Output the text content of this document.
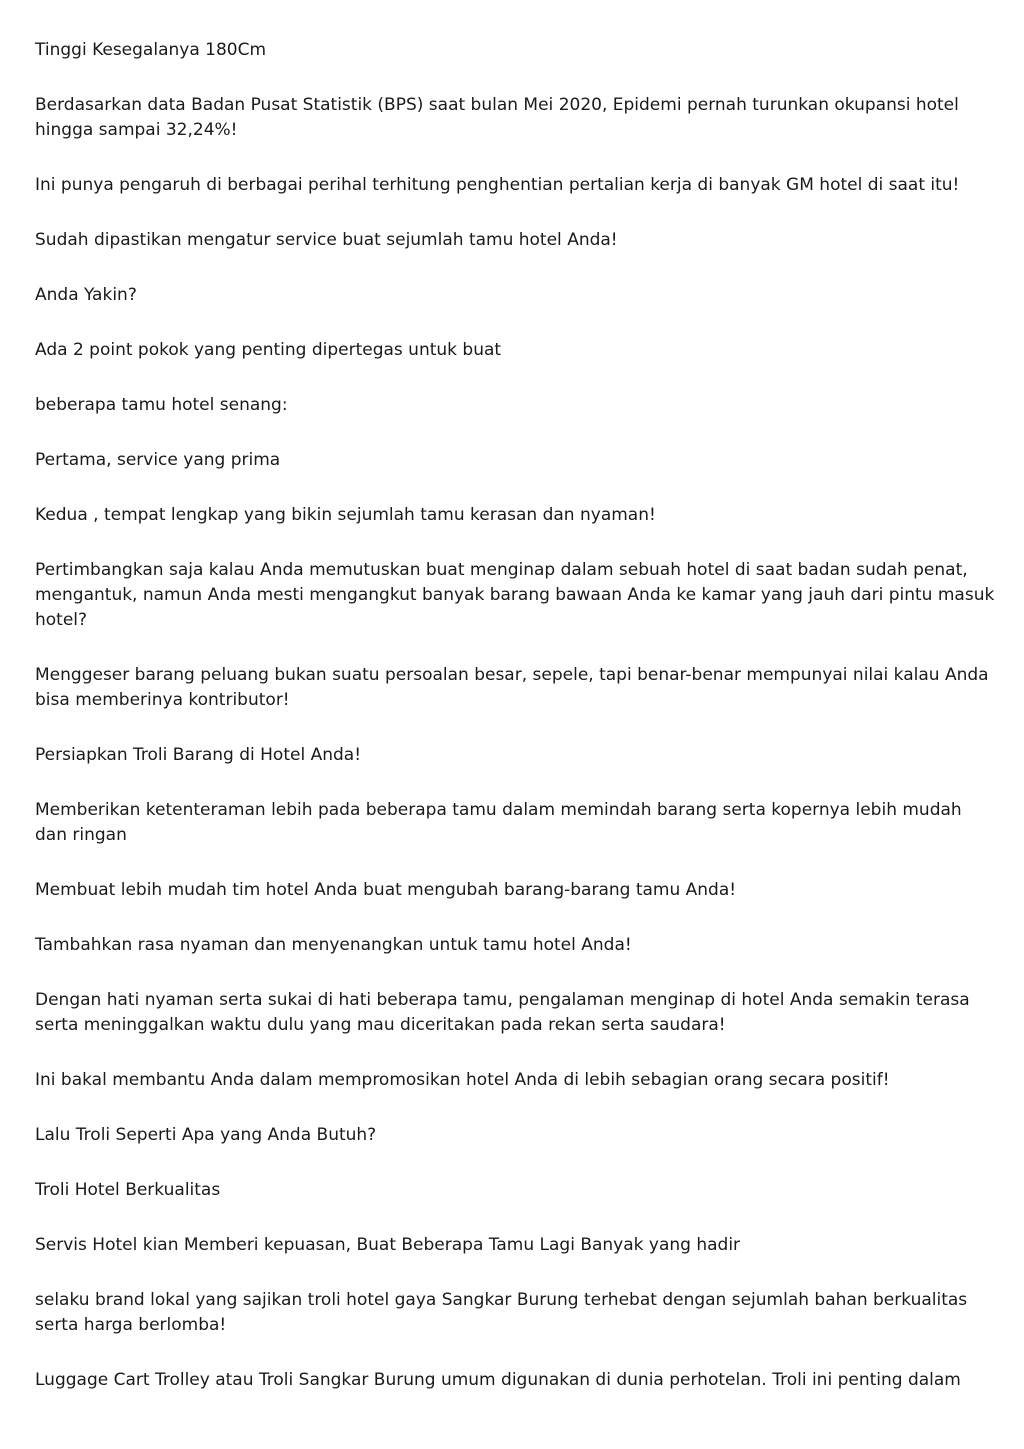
Tinggi Kesegalanya 180Cm

Berdasarkan data Badan Pusat Statistik (BPS) saat bulan Mei 2020, Epidemi pernah turunkan okupansi hotel hingga sampai 32,24%!

Ini punya pengaruh di berbagai perihal terhitung penghentian pertalian kerja di banyak GM hotel di saat itu!

Sudah dipastikan mengatur service buat sejumlah tamu hotel Anda!

Anda Yakin?

Ada 2 point pokok yang penting dipertegas untuk buat

beberapa tamu hotel senang:

Pertama, service yang prima

Kedua , tempat lengkap yang bikin sejumlah tamu kerasan dan nyaman!

Pertimbangkan saja kalau Anda memutuskan buat menginap dalam sebuah hotel di saat badan sudah penat, mengantuk, namun Anda mesti mengangkut banyak barang bawaan Anda ke kamar yang jauh dari pintu masuk hotel?

Menggeser barang peluang bukan suatu persoalan besar, sepele, tapi benar-benar mempunyai nilai kalau Anda bisa memberinya kontributor!

Persiapkan Troli Barang di Hotel Anda!

Memberikan ketenteraman lebih pada beberapa tamu dalam memindah barang serta kopernya lebih mudah dan ringan

Membuat lebih mudah tim hotel Anda buat mengubah barang-barang tamu Anda!

Tambahkan rasa nyaman dan menyenangkan untuk tamu hotel Anda!

Dengan hati nyaman serta sukai di hati beberapa tamu, pengalaman menginap di hotel Anda semakin terasa serta meninggalkan waktu dulu yang mau diceritakan pada rekan serta saudara!

Ini bakal membantu Anda dalam mempromosikan hotel Anda di lebih sebagian orang secara positif!

Lalu Troli Seperti Apa yang Anda Butuh?

Troli Hotel Berkualitas

Servis Hotel kian Memberi kepuasan, Buat Beberapa Tamu Lagi Banyak yang hadir

selaku brand lokal yang sajikan troli hotel gaya Sangkar Burung terhebat dengan sejumlah bahan berkualitas serta harga berlomba!

Luggage Cart Trolley atau Troli Sangkar Burung umum digunakan di dunia perhotelan. Troli ini penting dalam
